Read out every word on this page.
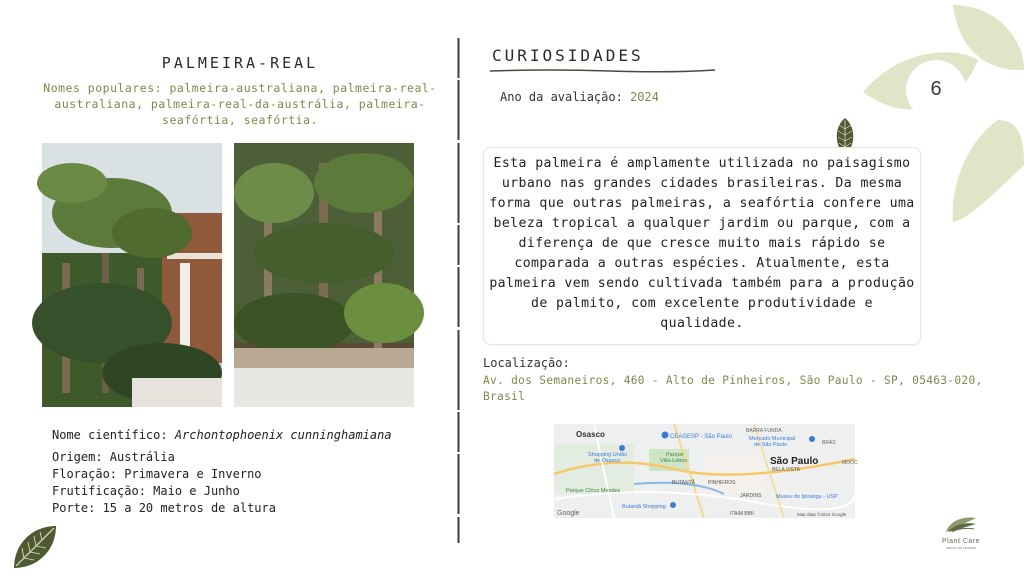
6
PALMEIRA-REAL
Nomes populares: palmeira-australiana, palmeira-real-australiana, palmeira-real-da-austrália, palmeira-seafórtia, seafórtia.
Nome científico: Archontophoenix cunninghamiana
Origem: Austrália
Floração: Primavera e Inverno
Frutificação: Maio e Junho
Porte: 15 a 20 metros de altura
CURIOSIDADES
Ano da avaliação: 2024
Esta palmeira é amplamente utilizada no paisagismo urbano nas grandes cidades brasileiras. Da mesma forma que outras palmeiras, a seafórtia confere uma beleza tropical a qualquer jardim ou parque, com a diferença de que cresce muito mais rápido se comparada a outras espécies. Atualmente, esta palmeira vem sendo cultivada também para a produção de palmito, com excelente produtividade e qualidade.
Localização:
Av. dos Semaneiros, 460 - Alto de Pinheiros, São Paulo - SP, 05463-020, Brasil
Osasco	CEAGESP - São Paulo
BARRA FUNDA
Mercado Municipal
de São Paulo	BRÁS
Shopping União
de Osasco
Parque
Villa-Lobos	São Paulo
BELA VISTA
MOOC
BUTANTÃ	PINHEIROS
Parque Chico Mendes
JARDINS	Museu do Ipiranga - USP
Butantã Shopping
ITAIM BIBI
Google	Map data ©2024 Google
Plant Care
saúde de plantas
